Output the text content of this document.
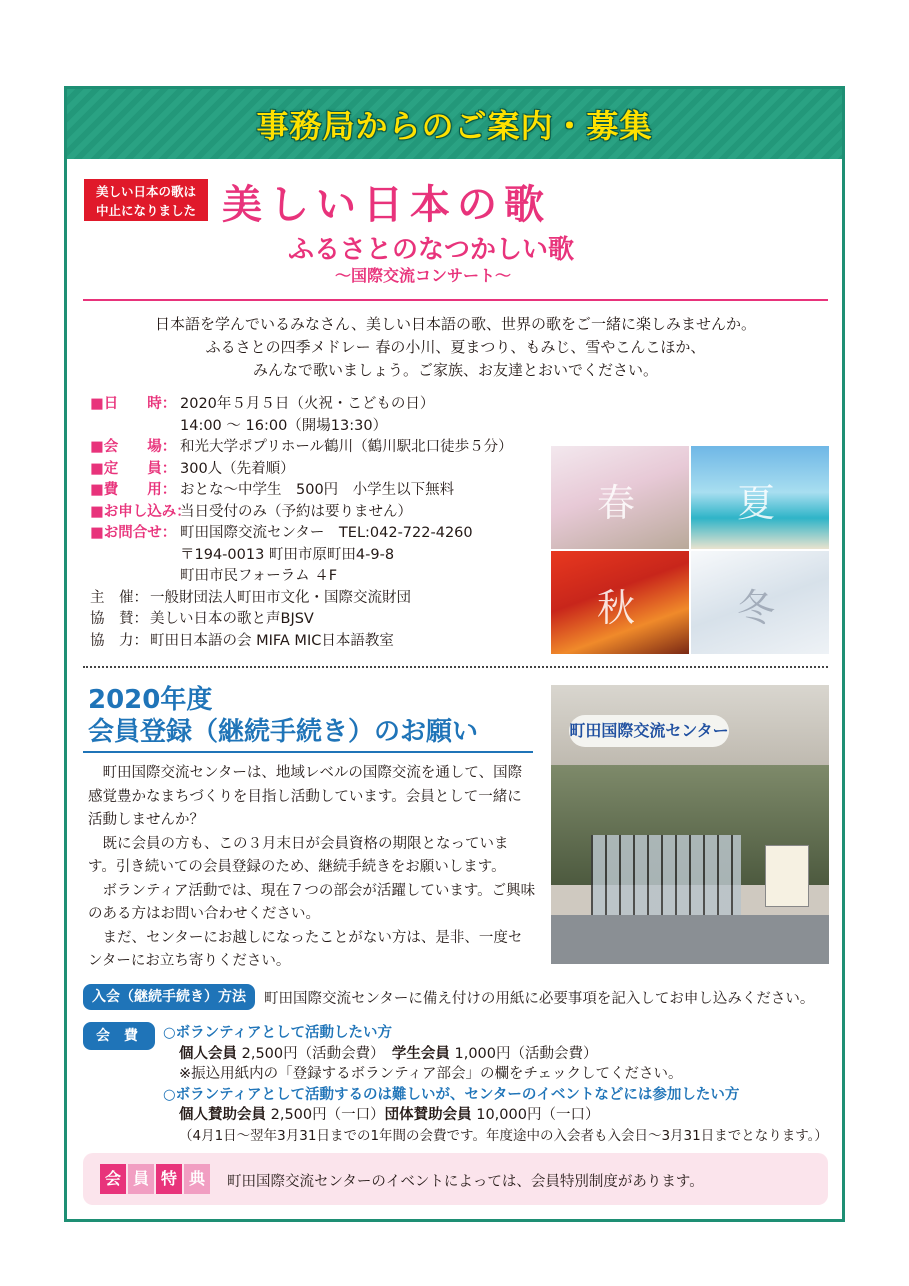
事務局からのご案内・募集
美しい日本の歌は
中止になりました 美しい日本の歌
ふるさとのなつかしい歌
〜国際交流コンサート〜
日本語を学んでいるみなさん、美しい日本語の歌、世界の歌をご一緒に楽しみませんか。
ふるさとの四季メドレー 春の小川、夏まつり、もみじ、雪やこんこほか、
みんなで歌いましょう。ご家族、お友達とおいでください。
■日　　時： 2020年５月５日（火祝・こどもの日）
14:00 〜 16:00（開場13:30）
■会　　場： 和光大学ポプリホール鶴川（鶴川駅北口徒歩５分）
■定　　員： 300人（先着順）
■費　　用： おとな〜中学生　500円　小学生以下無料
■お申し込み：
当日受付のみ（予約は要りません）
■お問合せ： 町田国際交流センター　TEL:042-722-4260
〒194-0013 町田市原町田4-9-8
町田市民フォーラム ４F
主　催： 一般財団法人町田市文化・国際交流財団
協　賛： 美しい日本の歌と声BJSV
協　力： 町田日本語の会 MIFA MIC日本語教室
春	夏
秋	冬
2020年度
会員登録（継続手続き）のお願い

町田国際交流センターは、地域レベルの国際交流を通して、国際感覚豊かなまちづくりを目指し活動しています。会員として一緒に活動しませんか？

既に会員の方も、この３月末日が会員資格の期限となっています。引き続いての会員登録のため、継続手続きをお願いします。

ボランティア活動では、現在７つの部会が活躍しています。ご興味のある方はお問い合わせください。

まだ、センターにお越しになったことがない方は、是非、一度センターにお立ち寄りください。

町田国際交流センター
入会（継続手続き）方法	町田国際交流センターに備え付けの用紙に必要事項を記入してお申し込みください。
会費 ○ボランティアとして活動したい方
個人会員 2,500円（活動会費）　学生会員 1,000円（活動会費）
※振込用紙内の「登録するボランティア部会」の欄をチェックしてください。
○ボランティアとして活動するのは難しいが、センターのイベントなどには参加したい方
個人賛助会員 2,500円（一口）団体賛助会員 10,000円（一口）
（4月1日〜翌年3月31日までの1年間の会費です。年度途中の入会者も入会日〜3月31日までとなります。）
会 員 特 典	町田国際交流センターのイベントによっては、会員特別制度があります。
